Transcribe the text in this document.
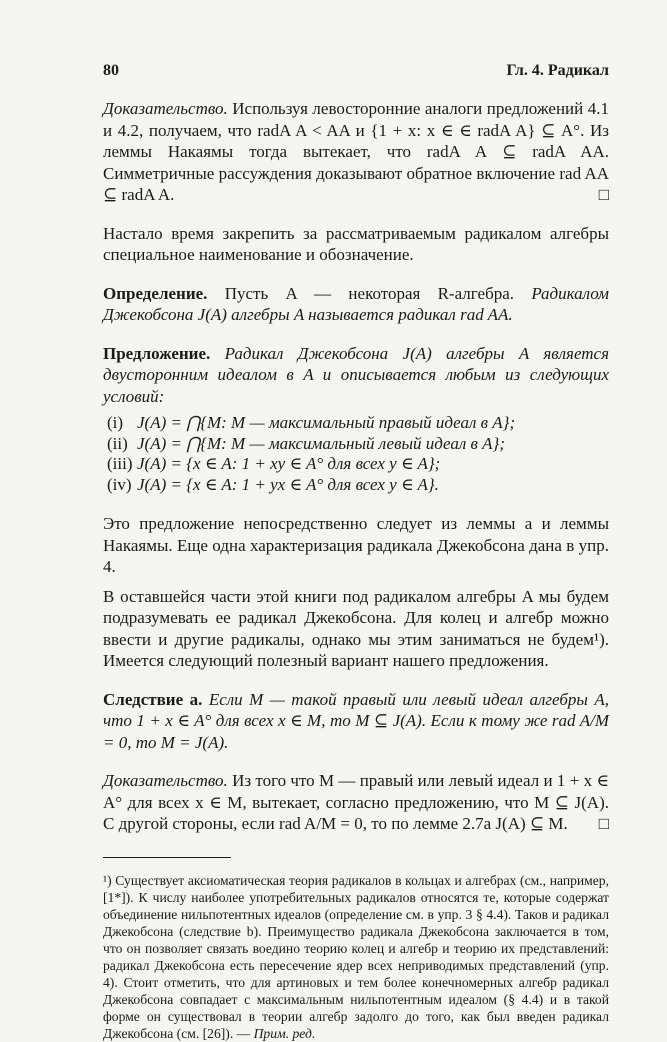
80	Гл. 4. Радикал

Доказательство. Используя левосторонние аналоги предложений 4.1 и 4.2, получаем, что radA A < AA и {1 + x: x ∈ ∈ radA A} ⊆ A°. Из леммы Накаямы тогда вытекает, что radA A ⊆ radA AA. Симметричные рассуждения доказывают обратное включение rad AA ⊆ radA A.	□

Настало время закрепить за рассматриваемым радикалом алгебры специальное наименование и обозначение.

Определение. Пусть A — некоторая R-алгебра. Радикалом Джекобсона J(A) алгебры A называется радикал rad AA.

Предложение. Радикал Джекобсона J(A) алгебры A является двусторонним идеалом в A и описывается любым из следующих условий:

(i) J(A) = ⋂{M: M — максимальный правый идеал в A};
(ii) J(A) = ⋂{M: M — максимальный левый идеал в A};
(iii) J(A) = {x ∈ A: 1 + xy ∈ A° для всех y ∈ A};
(iv) J(A) = {x ∈ A: 1 + yx ∈ A° для всех y ∈ A}.

Это предложение непосредственно следует из леммы а и леммы Накаямы. Еще одна характеризация радикала Джекобсона дана в упр. 4.

В оставшейся части этой книги под радикалом алгебры A мы будем подразумевать ее радикал Джекобсона. Для колец и алгебр можно ввести и другие радикалы, однако мы этим заниматься не будем¹). Имеется следующий полезный вариант нашего предложения.

Следствие а. Если M — такой правый или левый идеал алгебры A, что 1 + x ∈ A° для всех x ∈ M, то M ⊆ J(A). Если к тому же rad A/M = 0, то M = J(A).

Доказательство. Из того что M — правый или левый идеал и 1 + x ∈ A° для всех x ∈ M, вытекает, согласно предложению, что M ⊆ J(A). С другой стороны, если rad A/M = 0, то по лемме 2.7a J(A) ⊆ M. □

¹) Существует аксиоматическая теория радикалов в кольцах и алгебрах (см., например, [1*]). К числу наиболее употребительных радикалов относятся те, которые содержат объединение нильпотентных идеалов (определение см. в упр. 3 § 4.4). Таков и радикал Джекобсона (следствие b). Преимущество радикала Джекобсона заключается в том, что он позволяет связать воедино теорию колец и алгебр и теорию их представлений: радикал Джекобсона есть пересечение ядер всех неприводимых представлений (упр. 4). Стоит отметить, что для артиновых и тем более конечномерных алгебр радикал Джекобсона совпадает с максимальным нильпотентным идеалом (§ 4.4) и в такой форме он существовал в теории алгебр задолго до того, как был введен радикал Джекобсона (см. [26]). — Прим. ред.
